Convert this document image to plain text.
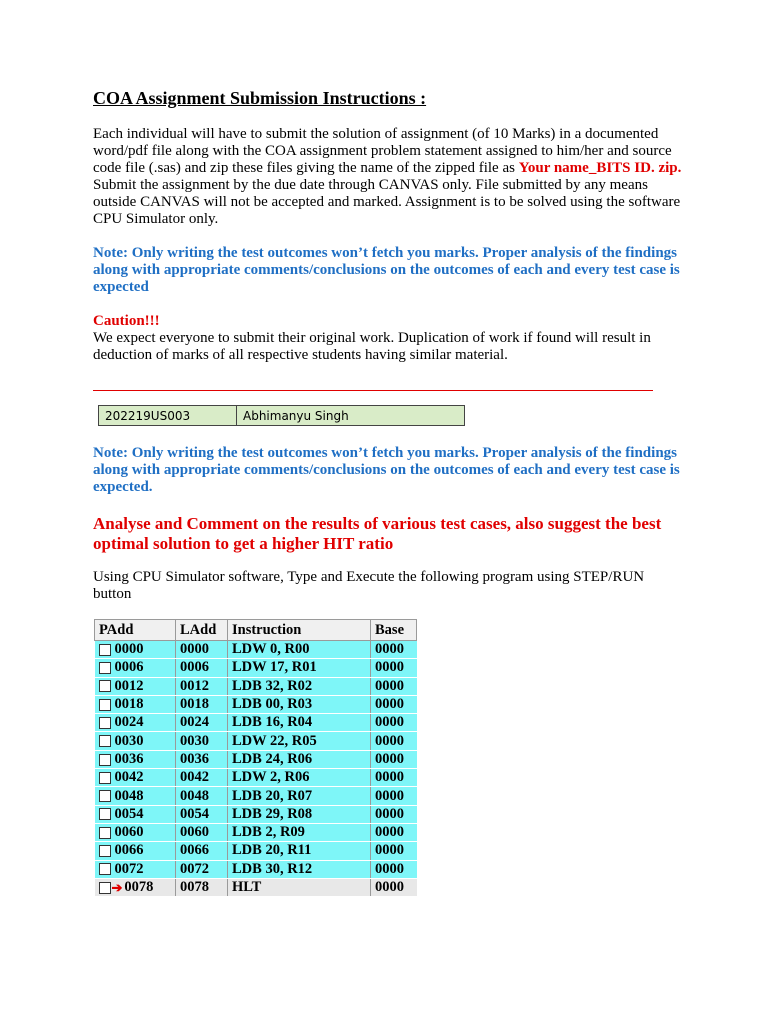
COA Assignment Submission Instructions :

Each individual will have to submit the solution of assignment (of 10 Marks) in a documented word/pdf file along with the COA assignment problem statement assigned to him/her and source code file (.sas) and zip these files giving the name of the zipped file as Your name_BITS ID. zip. Submit the assignment by the due date through CANVAS only. File submitted by any means outside CANVAS will not be accepted and marked. Assignment is to be solved using the software CPU Simulator only.

Note: Only writing the test outcomes won’t fetch you marks. Proper analysis of the findings along with appropriate comments/conclusions on the outcomes of each and every test case is expected

Caution!!!

We expect everyone to submit their original work. Duplication of work if found will result in deduction of marks of all respective students having similar material.

202219US003	Abhimanyu Singh

Note: Only writing the test outcomes won’t fetch you marks. Proper analysis of the findings along with appropriate comments/conclusions on the outcomes of each and every test case is expected.

Analyse and Comment on the results of various test cases, also suggest the best optimal solution to get a higher HIT ratio

Using CPU Simulator software, Type and Execute the following program using STEP/RUN button

PAdd	LAdd	Instruction	Base
0000	0000	LDW 0, R00	0000
0006	0006	LDW 17, R01	0000
0012	0012	LDB 32, R02	0000
0018	0018	LDB 00, R03	0000
0024	0024	LDB 16, R04	0000
0030	0030	LDW 22, R05	0000
0036	0036	LDB 24, R06	0000
0042	0042	LDW 2, R06	0000
0048	0048	LDB 20, R07	0000
0054	0054	LDB 29, R08	0000
0060	0060	LDB 2, R09	0000
0066	0066	LDB 20, R11	0000
0072	0072	LDB 30, R12	0000
➔ 0078	0078	HLT	0000
